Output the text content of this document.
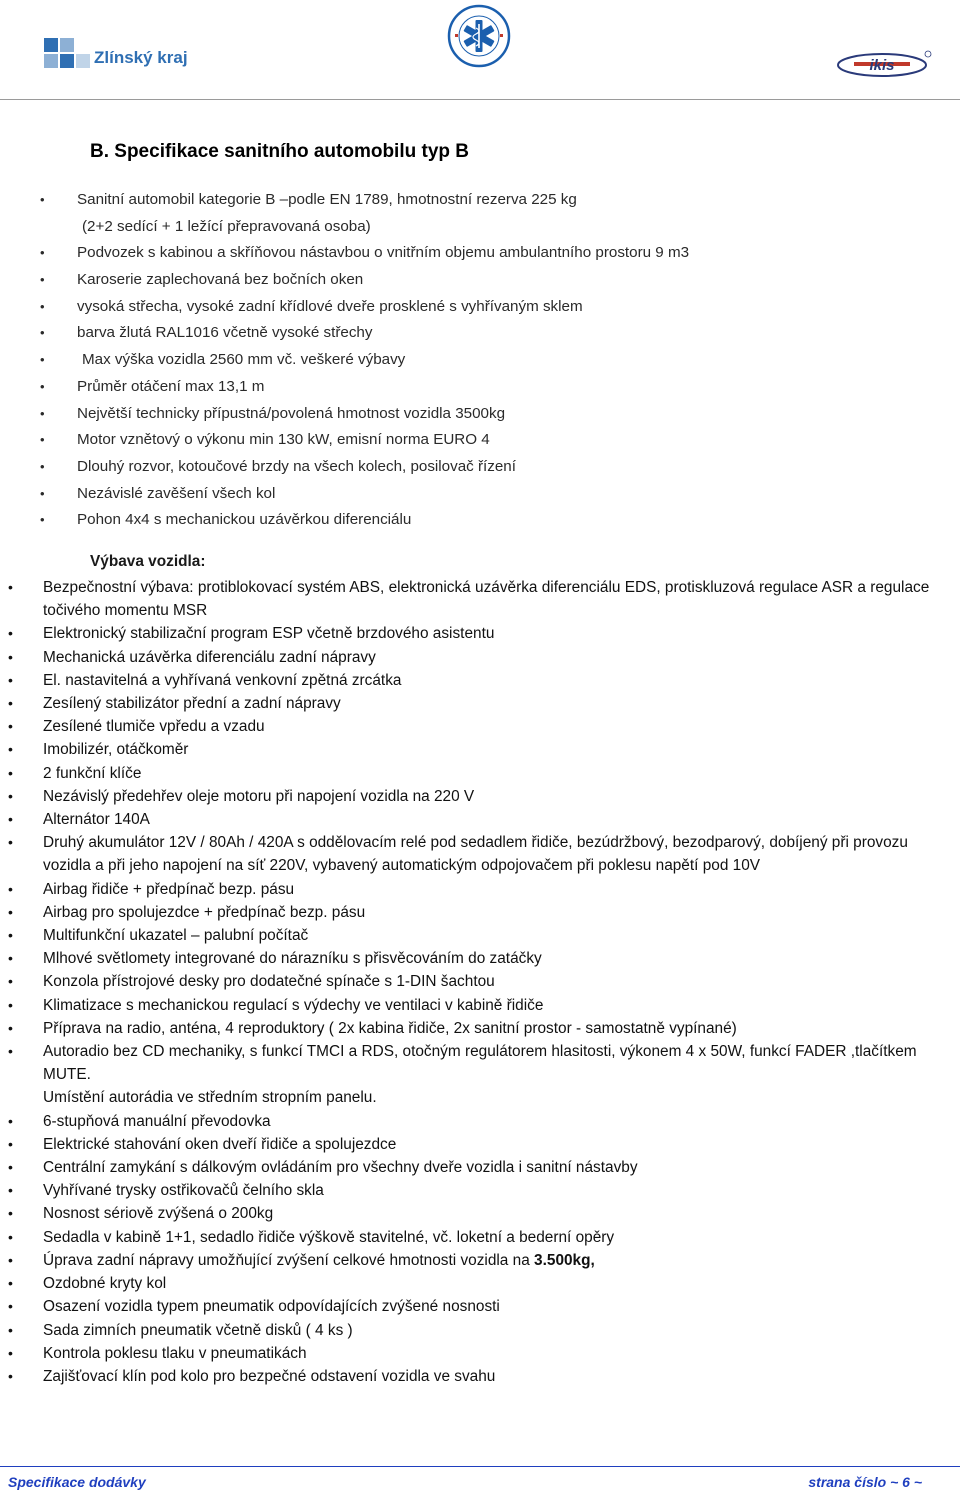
Zlínský kraj	ikis
B. Specifikace sanitního automobilu typ B
• Sanitní automobil kategorie B –podle EN 1789, hmotnostní rezerva 225 kg
(2+2 sedící + 1 ležící přepravovaná osoba)
• Podvozek s kabinou a skříňovou nástavbou o vnitřním objemu ambulantního prostoru 9 m3
• Karoserie zaplechovaná bez bočních oken
• vysoká střecha, vysoké zadní křídlové dveře prosklené s vyhřívaným sklem
• barva žlutá RAL1016 včetně vysoké střechy
• Max výška vozidla 2560 mm vč. veškeré výbavy
• Průměr otáčení max 13,1 m
• Největší technicky přípustná/povolená hmotnost vozidla 3500kg
• Motor vznětový o výkonu min 130 kW, emisní norma EURO 4
• Dlouhý rozvor, kotoučové brzdy na všech kolech, posilovač řízení
• Nezávislé zavěšení všech kol
• Pohon 4x4 s mechanickou uzávěrkou diferenciálu
Výbava vozidla:
• Bezpečnostní výbava: protiblokovací systém ABS, elektronická uzávěrka diferenciálu EDS, protiskluzová regulace ASR a regulace točivého momentu MSR
• Elektronický stabilizační program ESP včetně brzdového asistentu
• Mechanická uzávěrka diferenciálu zadní nápravy
• El. nastavitelná a vyhřívaná venkovní zpětná zrcátka
• Zesílený stabilizátor přední a zadní nápravy
• Zesílené tlumiče vpředu a vzadu
• Imobilizér, otáčkoměr
• 2 funkční klíče
• Nezávislý předehřev oleje motoru při napojení vozidla na 220 V
• Alternátor 140A
• Druhý akumulátor 12V / 80Ah / 420A s oddělovacím relé pod sedadlem řidiče, bezúdržbový, bezodparový, dobíjený při provozu vozidla a při jeho napojení na síť 220V, vybavený automatickým odpojovačem při poklesu napětí pod 10V
• Airbag řidiče + předpínač bezp. pásu
• Airbag pro spolujezdce + předpínač bezp. pásu
• Multifunkční ukazatel – palubní počítač
• Mlhové světlomety integrované do nárazníku s přisvěcováním do zatáčky
• Konzola přístrojové desky pro dodatečné spínače s 1-DIN šachtou
• Klimatizace s mechanickou regulací s výdechy ve ventilaci v kabině řidiče
• Příprava na radio, anténa, 4 reproduktory ( 2x kabina řidiče, 2x sanitní prostor - samostatně vypínané)
• Autoradio bez CD mechaniky, s funkcí TMCI a RDS, otočným regulátorem hlasitosti, výkonem 4 x 50W, funkcí FADER ,tlačítkem MUTE.
Umístění autorádia ve středním stropním panelu.
• 6-stupňová manuální převodovka
• Elektrické stahování oken dveří řidiče a spolujezdce
• Centrální zamykání s dálkovým ovládáním pro všechny dveře vozidla i sanitní nástavby
• Vyhřívané trysky ostřikovačů čelního skla
• Nosnost sériově zvýšená o 200kg
• Sedadla v kabině 1+1, sedadlo řidiče výškově stavitelné, vč. loketní a bederní opěry
• Úprava zadní nápravy umožňující zvýšení celkové hmotnosti vozidla na 3.500kg,
• Ozdobné kryty kol
• Osazení vozidla typem pneumatik odpovídajících zvýšené nosnosti
• Sada zimních pneumatik včetně disků ( 4 ks )
• Kontrola poklesu tlaku v pneumatikách
• Zajišťovací klín pod kolo pro bezpečné odstavení vozidla ve svahu
Specifikace dodávky	strana číslo ~ 6 ~
